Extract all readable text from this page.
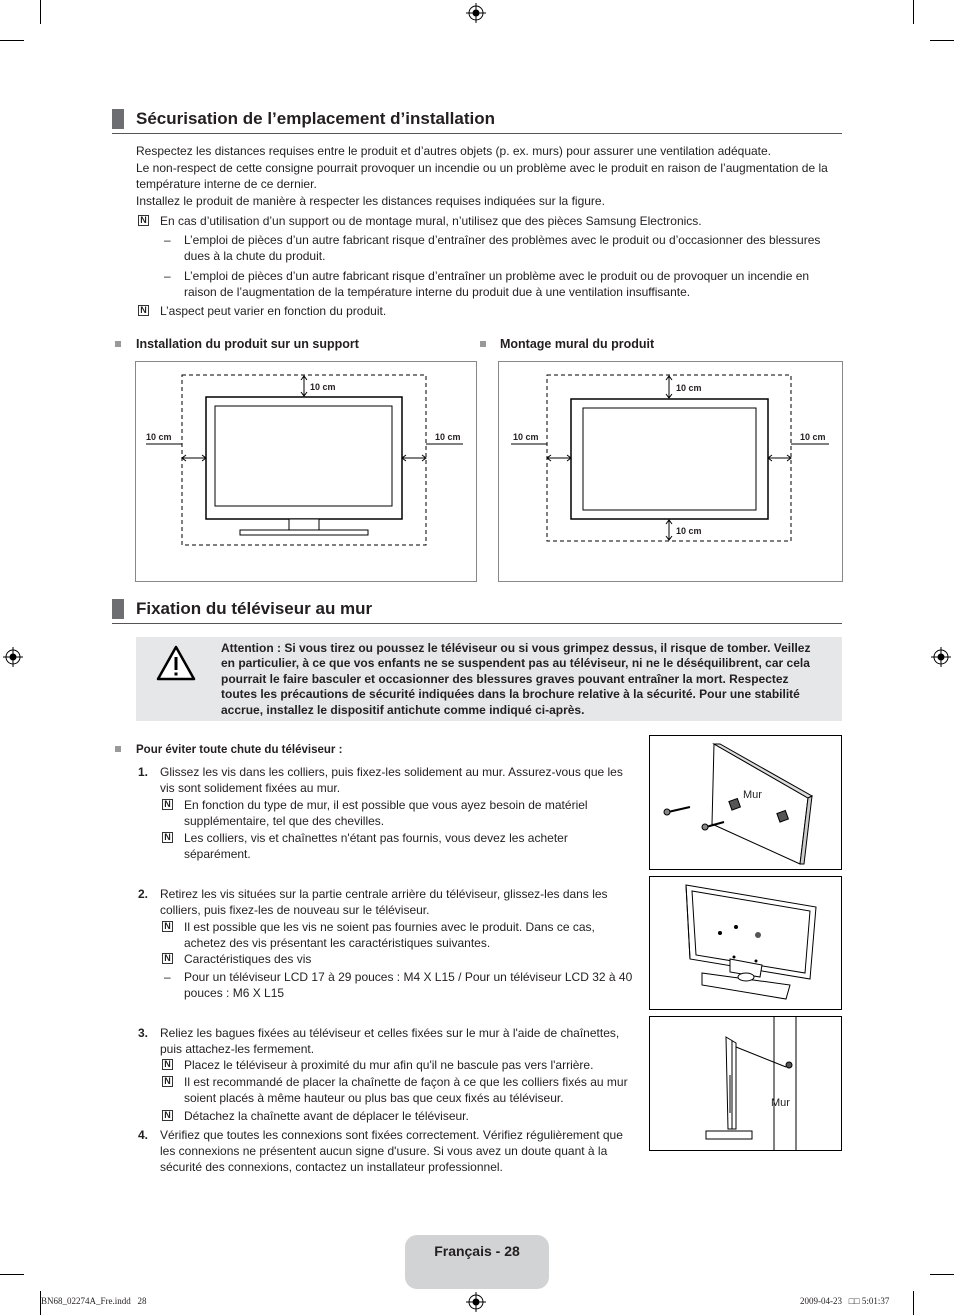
Sécurisation de l’emplacement d’installation
Respectez les distances requises entre le produit et d’autres objets (p. ex. murs) pour assurer une ventilation adéquate.
Le non-respect de cette consigne pourrait provoquer un incendie ou un problème avec le produit en raison de l’augmentation de la température interne de ce dernier.
Installez le produit de manière à respecter les distances requises indiquées sur la figure.
N En cas d’utilisation d’un support ou de montage mural, n’utilisez que des pièces Samsung Electronics.
– L’emploi de pièces d’un autre fabricant risque d’entraîner des problèmes avec le produit ou d’occasionner des blessures dues à la chute du produit.
– L’emploi de pièces d’un autre fabricant risque d’entraîner un problème avec le produit ou de provoquer un incendie en raison de l’augmentation de la température interne du produit due à une ventilation insuffisante.
N L’aspect peut varier en fonction du produit.
Installation du produit sur un support	Montage mural du produit
10 cm
10 cm	10 cm
10 cm
10 cm	10 cm
10 cm
Fixation du téléviseur au mur
Attention : Si vous tirez ou poussez le téléviseur ou si vous grimpez dessus, il risque de tomber. Veillez en particulier, à ce que vos enfants ne se suspendent pas au téléviseur, ni ne le déséquilibrent, car cela pourrait le faire basculer et occasionner des blessures graves pouvant entraîner la mort. Respectez toutes les précautions de sécurité indiquées dans la brochure relative à la sécurité. Pour une stabilité accrue, installez le dispositif antichute comme indiqué ci-après.
Pour éviter toute chute du téléviseur :
1. Glissez les vis dans les colliers, puis fixez-les solidement au mur. Assurez-vous que les vis sont solidement fixées au mur.
N En fonction du type de mur, il est possible que vous ayez besoin de matériel supplémentaire, tel que des chevilles.
N Les colliers, vis et chaînettes n'étant pas fournis, vous devez les acheter séparément.
2. Retirez les vis situées sur la partie centrale arrière du téléviseur, glissez-les dans les colliers, puis fixez-les de nouveau sur le téléviseur.
N Il est possible que les vis ne soient pas fournies avec le produit. Dans ce cas, achetez des vis présentant les caractéristiques suivantes.
N Caractéristiques des vis
– Pour un téléviseur LCD 17 à 29 pouces : M4 X L15 / Pour un téléviseur LCD 32 à 40 pouces : M6 X L15
3. Reliez les bagues fixées au téléviseur et celles fixées sur le mur à l'aide de chaînettes, puis attachez-les fermement.
N Placez le téléviseur à proximité du mur afin qu'il ne bascule pas vers l'arrière.
N Il est recommandé de placer la chaînette de façon à ce que les colliers fixés au mur soient placés à même hauteur ou plus bas que ceux fixés au téléviseur.
N Détachez la chaînette avant de déplacer le téléviseur.
4. Vérifiez que toutes les connexions sont fixées correctement. Vérifiez régulièrement que les connexions ne présentent aucun signe d'usure. Si vous avez un doute quant à la sécurité des connexions, contactez un installateur professionnel.
Mur
Mur
Français - 28
BN68_02274A_Fre.indd   28	2009-04-23   □□ 5:01:37
